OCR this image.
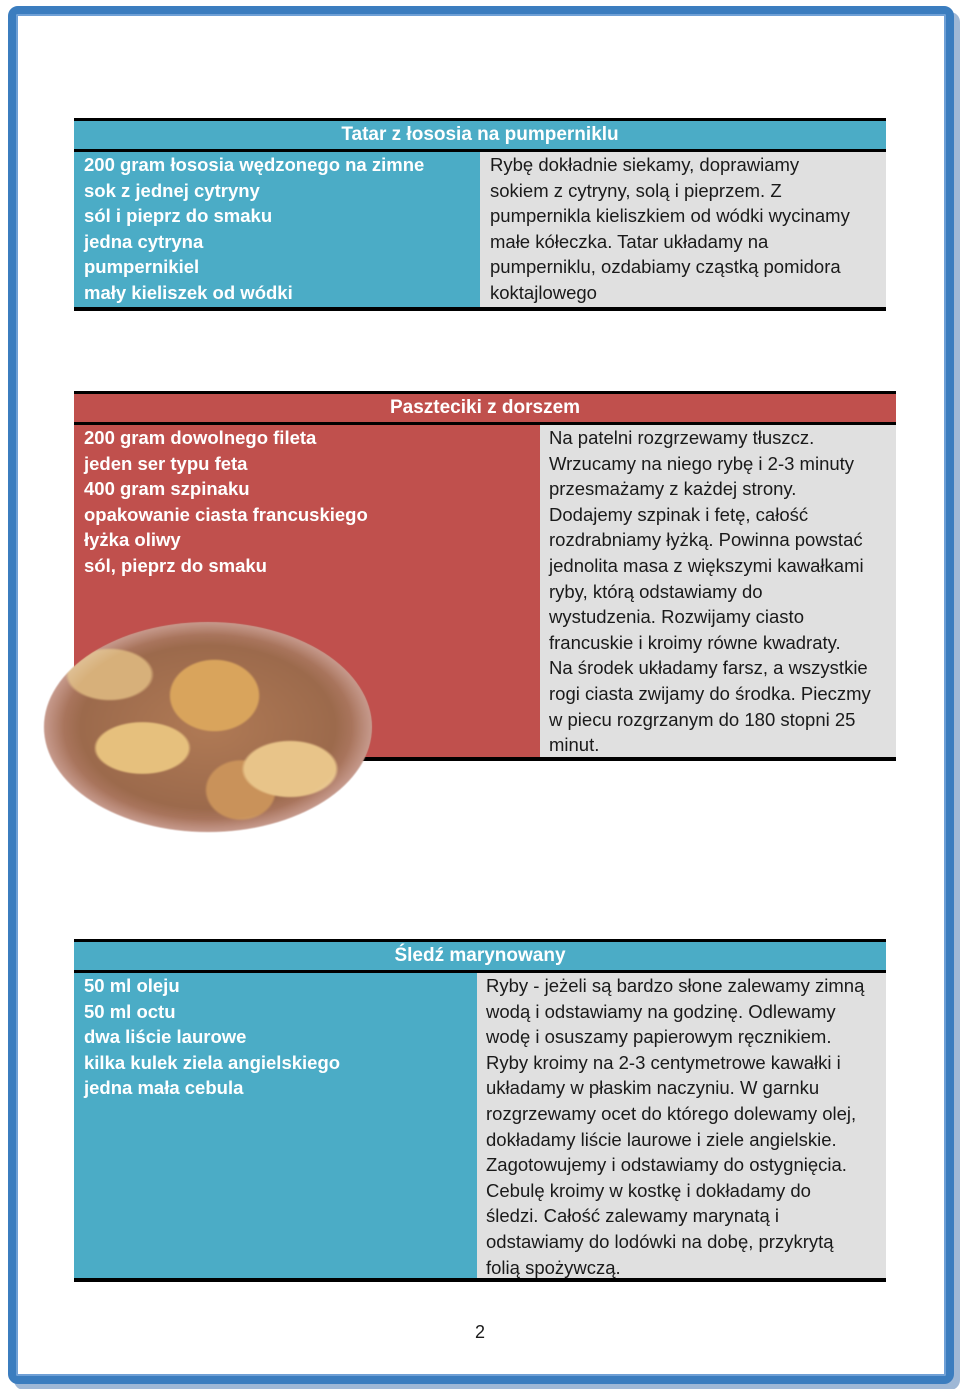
Tatar z łososia na pumperniklu
200 gram łososia wędzonego na zimne
sok z jednej cytryny
sól i pieprz do smaku
jedna cytryna
pumpernikiel
mały kieliszek od wódki
Rybę dokładnie siekamy, doprawiamy
sokiem z cytryny, solą i pieprzem. Z
pumpernikla kieliszkiem od wódki wycinamy
małe kółeczka. Tatar układamy na
pumperniklu, ozdabiamy cząstką pomidora
koktajlowego
Paszteciki z dorszem
200 gram dowolnego fileta
jeden ser typu feta
400 gram szpinaku
opakowanie ciasta francuskiego
łyżka oliwy
sól, pieprz do smaku
Na patelni rozgrzewamy tłuszcz.
Wrzucamy na niego rybę i 2-3 minuty
przesmażamy z każdej strony.
Dodajemy szpinak i fetę, całość
rozdrabniamy łyżką. Powinna powstać
jednolita masa z większymi kawałkami
ryby, którą odstawiamy do
wystudzenia. Rozwijamy ciasto
francuskie i kroimy równe kwadraty.
Na środek układamy farsz, a wszystkie
rogi ciasta zwijamy do środka. Pieczmy
w piecu rozgrzanym do 180 stopni 25
minut.
Śledź marynowany
50 ml oleju
50 ml octu
dwa liście laurowe
kilka kulek ziela angielskiego
jedna mała cebula
Ryby - jeżeli są bardzo słone zalewamy zimną
wodą i odstawiamy na godzinę. Odlewamy
wodę i osuszamy papierowym ręcznikiem.
Ryby kroimy na 2-3 centymetrowe kawałki i
układamy w płaskim naczyniu. W garnku
rozgrzewamy ocet do którego dolewamy olej,
dokładamy liście laurowe i ziele angielskie.
Zagotowujemy i odstawiamy do ostygnięcia.
Cebulę kroimy w kostkę i dokładamy do
śledzi. Całość zalewamy marynatą i
odstawiamy do lodówki na dobę, przykrytą
folią spożywczą.
2
